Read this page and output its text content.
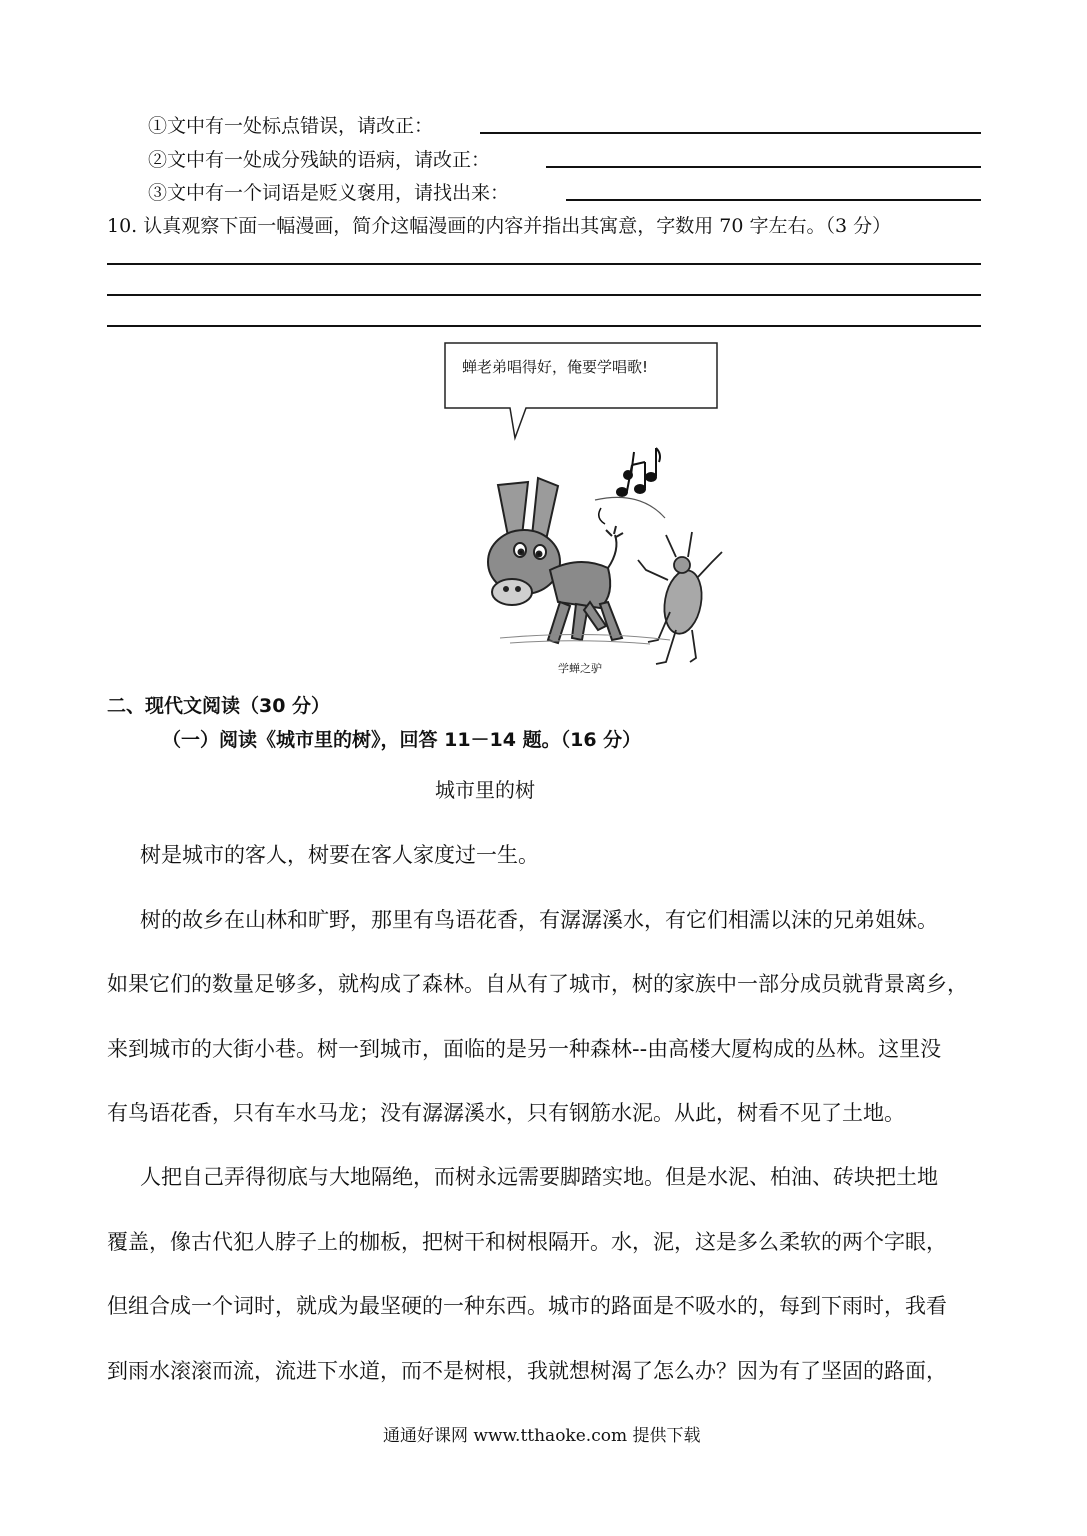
①文中有一处标点错误，请改正：
②文中有一处成分残缺的语病，请改正：
③文中有一个词语是贬义褒用，请找出来：
10. 认真观察下面一幅漫画，简介这幅漫画的内容并指出其寓意，字数用 70 字左右。（3 分）
蝉老弟唱得好，俺要学唱歌!
学蝉之驴
二、现代文阅读（30 分）
（一）阅读《城市里的树》，回答 11－14 题。（16 分）
城市里的树
树是城市的客人，树要在客人家度过一生。
树的故乡在山林和旷野，那里有鸟语花香，有潺潺溪水，有它们相濡以沫的兄弟姐妹。
如果它们的数量足够多，就构成了森林。自从有了城市，树的家族中一部分成员就背景离乡，
来到城市的大街小巷。树一到城市，面临的是另一种森林--由高楼大厦构成的丛林。这里没
有鸟语花香，只有车水马龙；没有潺潺溪水，只有钢筋水泥。从此，树看不见了土地。
人把自己弄得彻底与大地隔绝，而树永远需要脚踏实地。但是水泥、柏油、砖块把土地
覆盖，像古代犯人脖子上的枷板，把树干和树根隔开。水，泥，这是多么柔软的两个字眼，
但组合成一个词时，就成为最坚硬的一种东西。城市的路面是不吸水的，每到下雨时，我看
到雨水滚滚而流，流进下水道，而不是树根，我就想树渴了怎么办？因为有了坚固的路面，
通通好课网 www.tthaoke.com 提供下载
